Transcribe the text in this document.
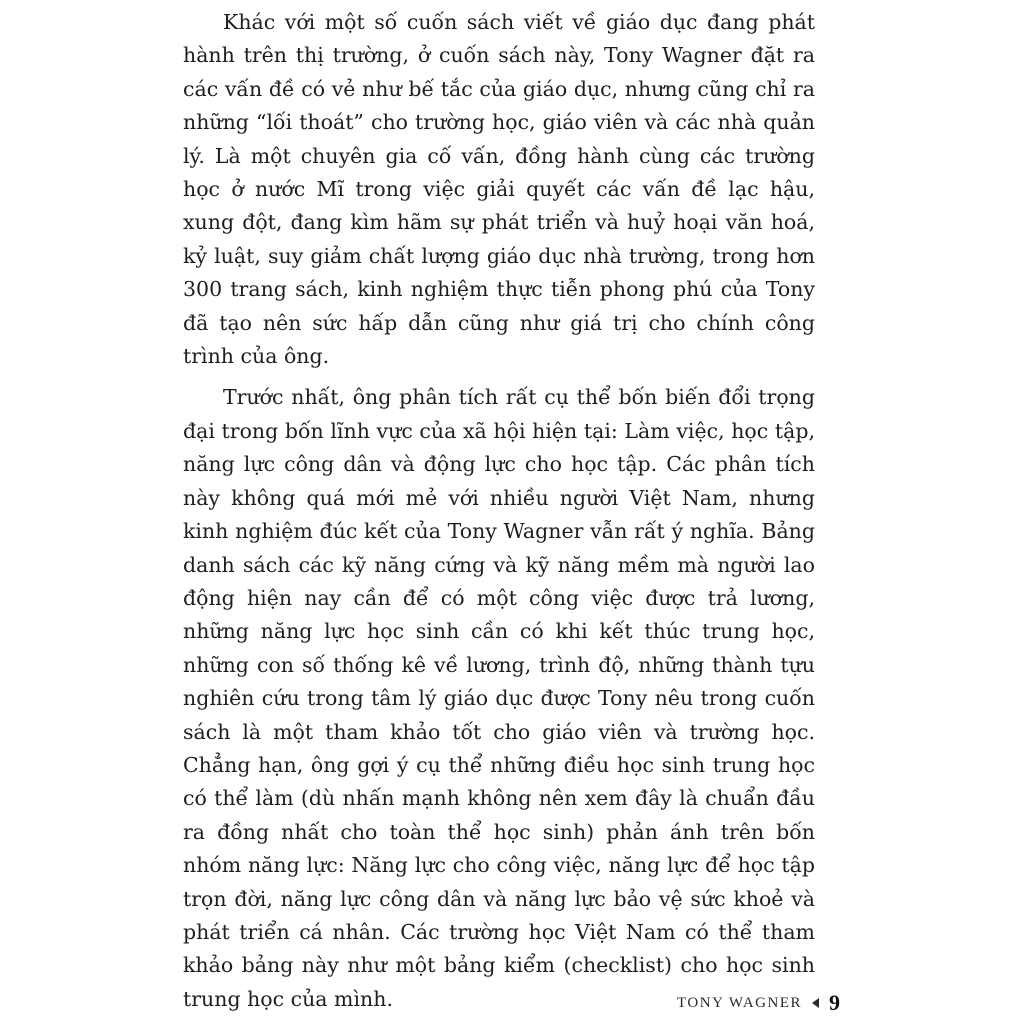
Khác với một số cuốn sách viết về giáo dục đang phát hành trên thị trường, ở cuốn sách này, Tony Wagner đặt ra các vấn đề có vẻ như bế tắc của giáo dục, nhưng cũng chỉ ra những “lối thoát” cho trường học, giáo viên và các nhà quản lý. Là một chuyên gia cố vấn, đồng hành cùng các trường học ở nước Mĩ trong việc giải quyết các vấn đề lạc hậu, xung đột, đang kìm hãm sự phát triển và huỷ hoại văn hoá, kỷ luật, suy giảm chất lượng giáo dục nhà trường, trong hơn 300 trang sách, kinh nghiệm thực tiễn phong phú của Tony đã tạo nên sức hấp dẫn cũng như giá trị cho chính công trình của ông.

Trước nhất, ông phân tích rất cụ thể bốn biến đổi trọng đại trong bốn lĩnh vực của xã hội hiện tại: Làm việc, học tập, năng lực công dân và động lực cho học tập. Các phân tích này không quá mới mẻ với nhiều người Việt Nam, nhưng kinh nghiệm đúc kết của Tony Wagner vẫn rất ý nghĩa. Bảng danh sách các kỹ năng cứng và kỹ năng mềm mà người lao động hiện nay cần để có một công việc được trả lương, những năng lực học sinh cần có khi kết thúc trung học, những con số thống kê về lương, trình độ, những thành tựu nghiên cứu trong tâm lý giáo dục được Tony nêu trong cuốn sách là một tham khảo tốt cho giáo viên và trường học. Chẳng hạn, ông gợi ý cụ thể những điều học sinh trung học có thể làm (dù nhấn mạnh không nên xem đây là chuẩn đầu ra đồng nhất cho toàn thể học sinh) phản ánh trên bốn nhóm năng lực: Năng lực cho công việc, năng lực để học tập trọn đời, năng lực công dân và năng lực bảo vệ sức khoẻ và phát triển cá nhân. Các trường học Việt Nam có thể tham khảo bảng này như một bảng kiểm (checklist) cho học sinh trung học của mình.	TONY WAGNER 9
